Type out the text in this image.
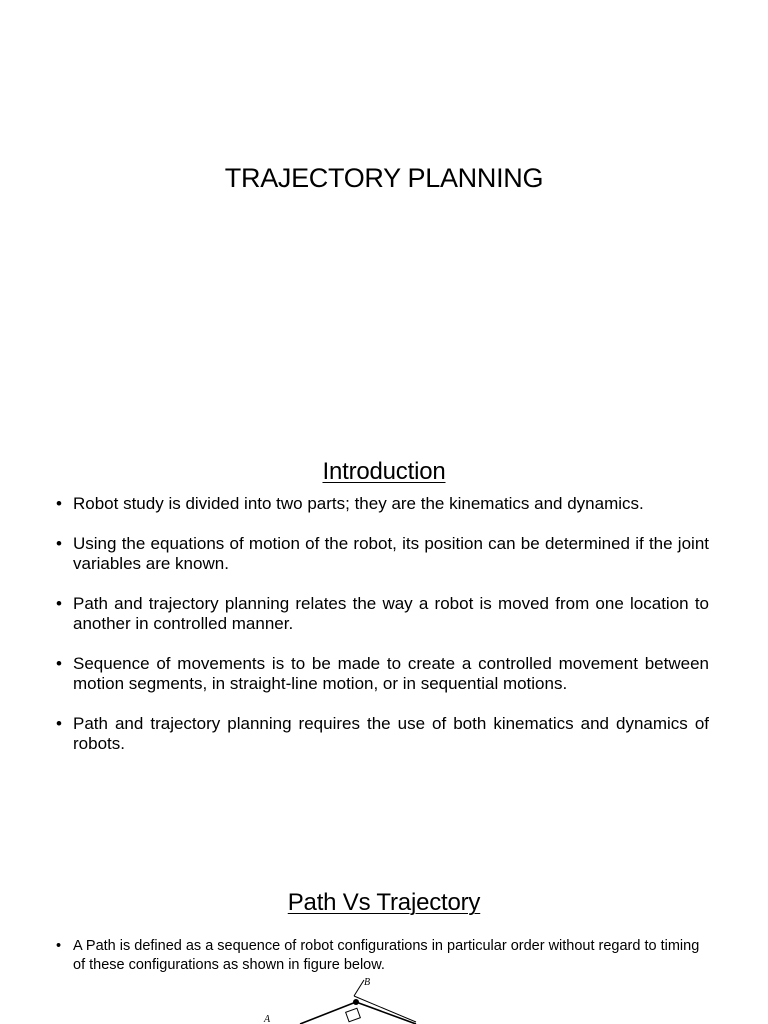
TRAJECTORY PLANNING
Introduction
• Robot study is divided into two parts; they are the kinematics and dynamics.
• Using the equations of motion of the robot, its position can be determined if the joint variables are known.
• Path and trajectory planning relates the way a robot is moved from one location to another in controlled manner.
• Sequence of movements is to be made to create a controlled movement between motion segments, in straight-line motion, or in sequential motions.
• Path and trajectory planning requires the use of both kinematics and dynamics of robots.
Path Vs Trajectory
• A Path is defined as a sequence of robot configurations in particular order without regard to timing of these configurations as shown in figure below.
B
A
